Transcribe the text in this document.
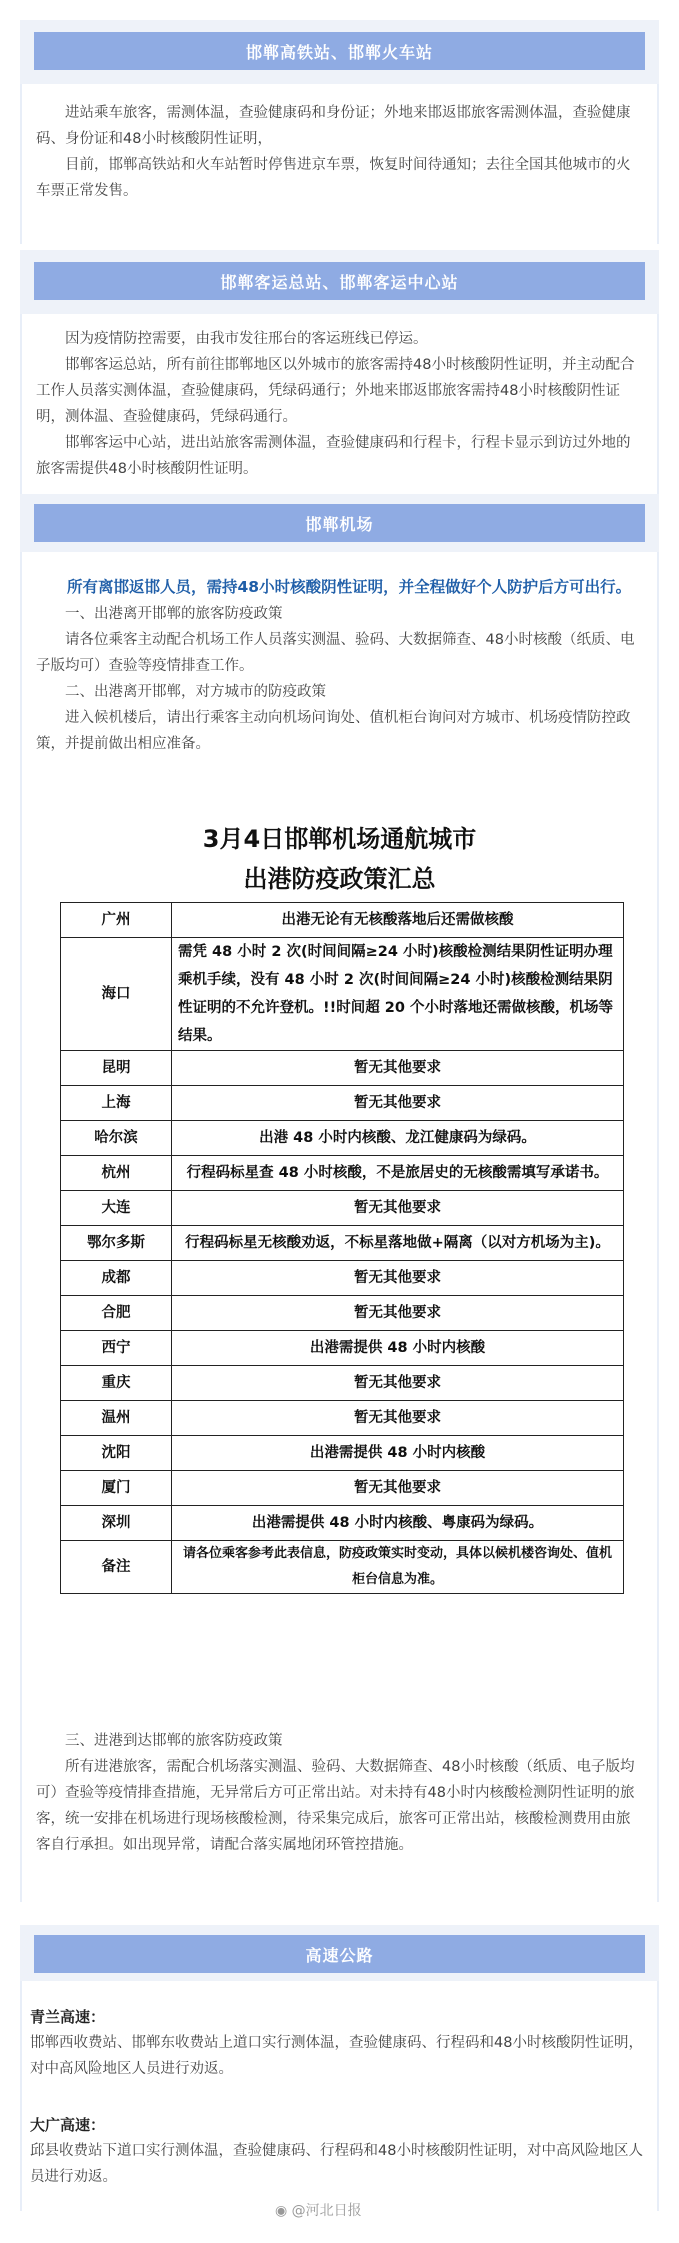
邯郸高铁站、邯郸火车站

进站乘车旅客，需测体温，查验健康码和身份证；外地来邯返邯旅客需测体温，查验健康码、身份证和48小时核酸阴性证明，

目前，邯郸高铁站和火车站暂时停售进京车票，恢复时间待通知；去往全国其他城市的火车票正常发售。

邯郸客运总站、邯郸客运中心站

因为疫情防控需要，由我市发往邢台的客运班线已停运。

邯郸客运总站，所有前往邯郸地区以外城市的旅客需持48小时核酸阴性证明，并主动配合工作人员落实测体温，查验健康码，凭绿码通行；外地来邯返邯旅客需持48小时核酸阴性证明，测体温、查验健康码，凭绿码通行。

邯郸客运中心站，进出站旅客需测体温，查验健康码和行程卡，行程卡显示到访过外地的旅客需提供48小时核酸阴性证明。

邯郸机场

所有离邯返邯人员，需持48小时核酸阴性证明，并全程做好个人防护后方可出行。

一、出港离开邯郸的旅客防疫政策

请各位乘客主动配合机场工作人员落实测温、验码、大数据筛查、48小时核酸（纸质、电子版均可）查验等疫情排查工作。

二、出港离开邯郸，对方城市的防疫政策

进入候机楼后，请出行乘客主动向机场问询处、值机柜台询问对方城市、机场疫情防控政策，并提前做出相应准备。

3月4日邯郸机场通航城市
出港防疫政策汇总
广州	出港无论有无核酸落地后还需做核酸
海口	需凭 48 小时 2 次(时间间隔≥24 小时)核酸检测结果阴性证明办理乘机手续，没有 48 小时 2 次(时间间隔≥24 小时)核酸检测结果阴性证明的不允许登机。!!时间超 20 个小时落地还需做核酸，机场等结果。
昆明	暂无其他要求
上海	暂无其他要求
哈尔滨	出港 48 小时内核酸、龙江健康码为绿码。
杭州	行程码标星查 48 小时核酸，不是旅居史的无核酸需填写承诺书。
大连	暂无其他要求
鄂尔多斯	行程码标星无核酸劝返，不标星落地做+隔离（以对方机场为主)。
成都	暂无其他要求
合肥	暂无其他要求
西宁	出港需提供 48 小时内核酸
重庆	暂无其他要求
温州	暂无其他要求
沈阳	出港需提供 48 小时内核酸
厦门	暂无其他要求
深圳	出港需提供 48 小时内核酸、粤康码为绿码。
备注	请各位乘客参考此表信息，防疫政策实时变动，具体以候机楼咨询处、值机柜台信息为准。

三、进港到达邯郸的旅客防疫政策

所有进港旅客，需配合机场落实测温、验码、大数据筛查、48小时核酸（纸质、电子版均可）查验等疫情排查措施，无异常后方可正常出站。对未持有48小时内核酸检测阴性证明的旅客，统一安排在机场进行现场核酸检测，待采集完成后，旅客可正常出站，核酸检测费用由旅客自行承担。如出现异常，请配合落实属地闭环管控措施。

高速公路
青兰高速：
邯郸西收费站、邯郸东收费站上道口实行测体温，查验健康码、行程码和48小时核酸阴性证明，对中高风险地区人员进行劝返。
大广高速：
邱县收费站下道口实行测体温，查验健康码、行程码和48小时核酸阴性证明，对中高风险地区人员进行劝返。
◉ @河北日报
